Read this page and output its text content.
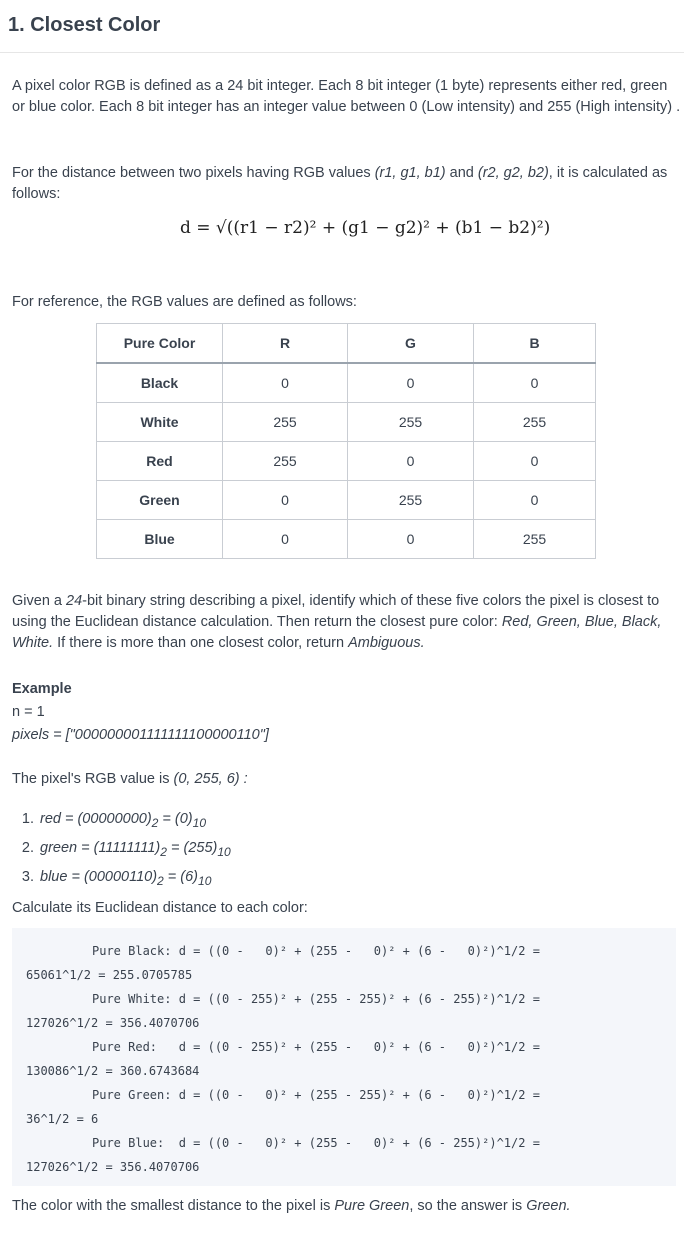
1. Closest Color

A pixel color RGB is defined as a 24 bit integer. Each 8 bit integer (1 byte) represents either red, green or blue color. Each 8 bit integer has an integer value between 0 (Low intensity) and 255 (High intensity) .

For the distance between two pixels having RGB values (r1, g1, b1) and (r2, g2, b2), it is calculated as follows:

d = √((r1 − r2)² + (g1 − g2)² + (b1 − b2)²)

For reference, the RGB values are defined as follows:

Pure Color	R	G	B
Black	0	0	0
White	255	255	255
Red	255	0	0
Green	0	255	0
Blue	0	0	255

Given a 24-bit binary string describing a pixel, identify which of these five colors the pixel is closest to using the Euclidean distance calculation. Then return the closest pure color: Red, Green, Blue, Black, White. If there is more than one closest color, return Ambiguous.

Example

n = 1

pixels = ["000000001111111100000110"]

The pixel's RGB value is (0, 255, 6) :

1. red = $(00000000)_2 = (0)_{10}$
2. green = $(11111111)_2 = (255)_{10}$
3. blue = $(00000110)_2 = (6)_{10}$

Calculate its Euclidean distance to each color:

Pure Black: d = ((0 -   0)² + (255 -   0)² + (6 -   0)²)^1/2 =
65061^1/2 = 255.0705785
Pure White: d = ((0 - 255)² + (255 - 255)² + (6 - 255)²)^1/2 =
127026^1/2 = 356.4070706
Pure Red:   d = ((0 - 255)² + (255 -   0)² + (6 -   0)²)^1/2 =
130086^1/2 = 360.6743684
Pure Green: d = ((0 -   0)² + (255 - 255)² + (6 -   0)²)^1/2 =
36^1/2 = 6
Pure Blue:  d = ((0 -   0)² + (255 -   0)² + (6 - 255)²)^1/2 =
127026^1/2 = 356.4070706

The color with the smallest distance to the pixel is Pure Green, so the answer is Green.
